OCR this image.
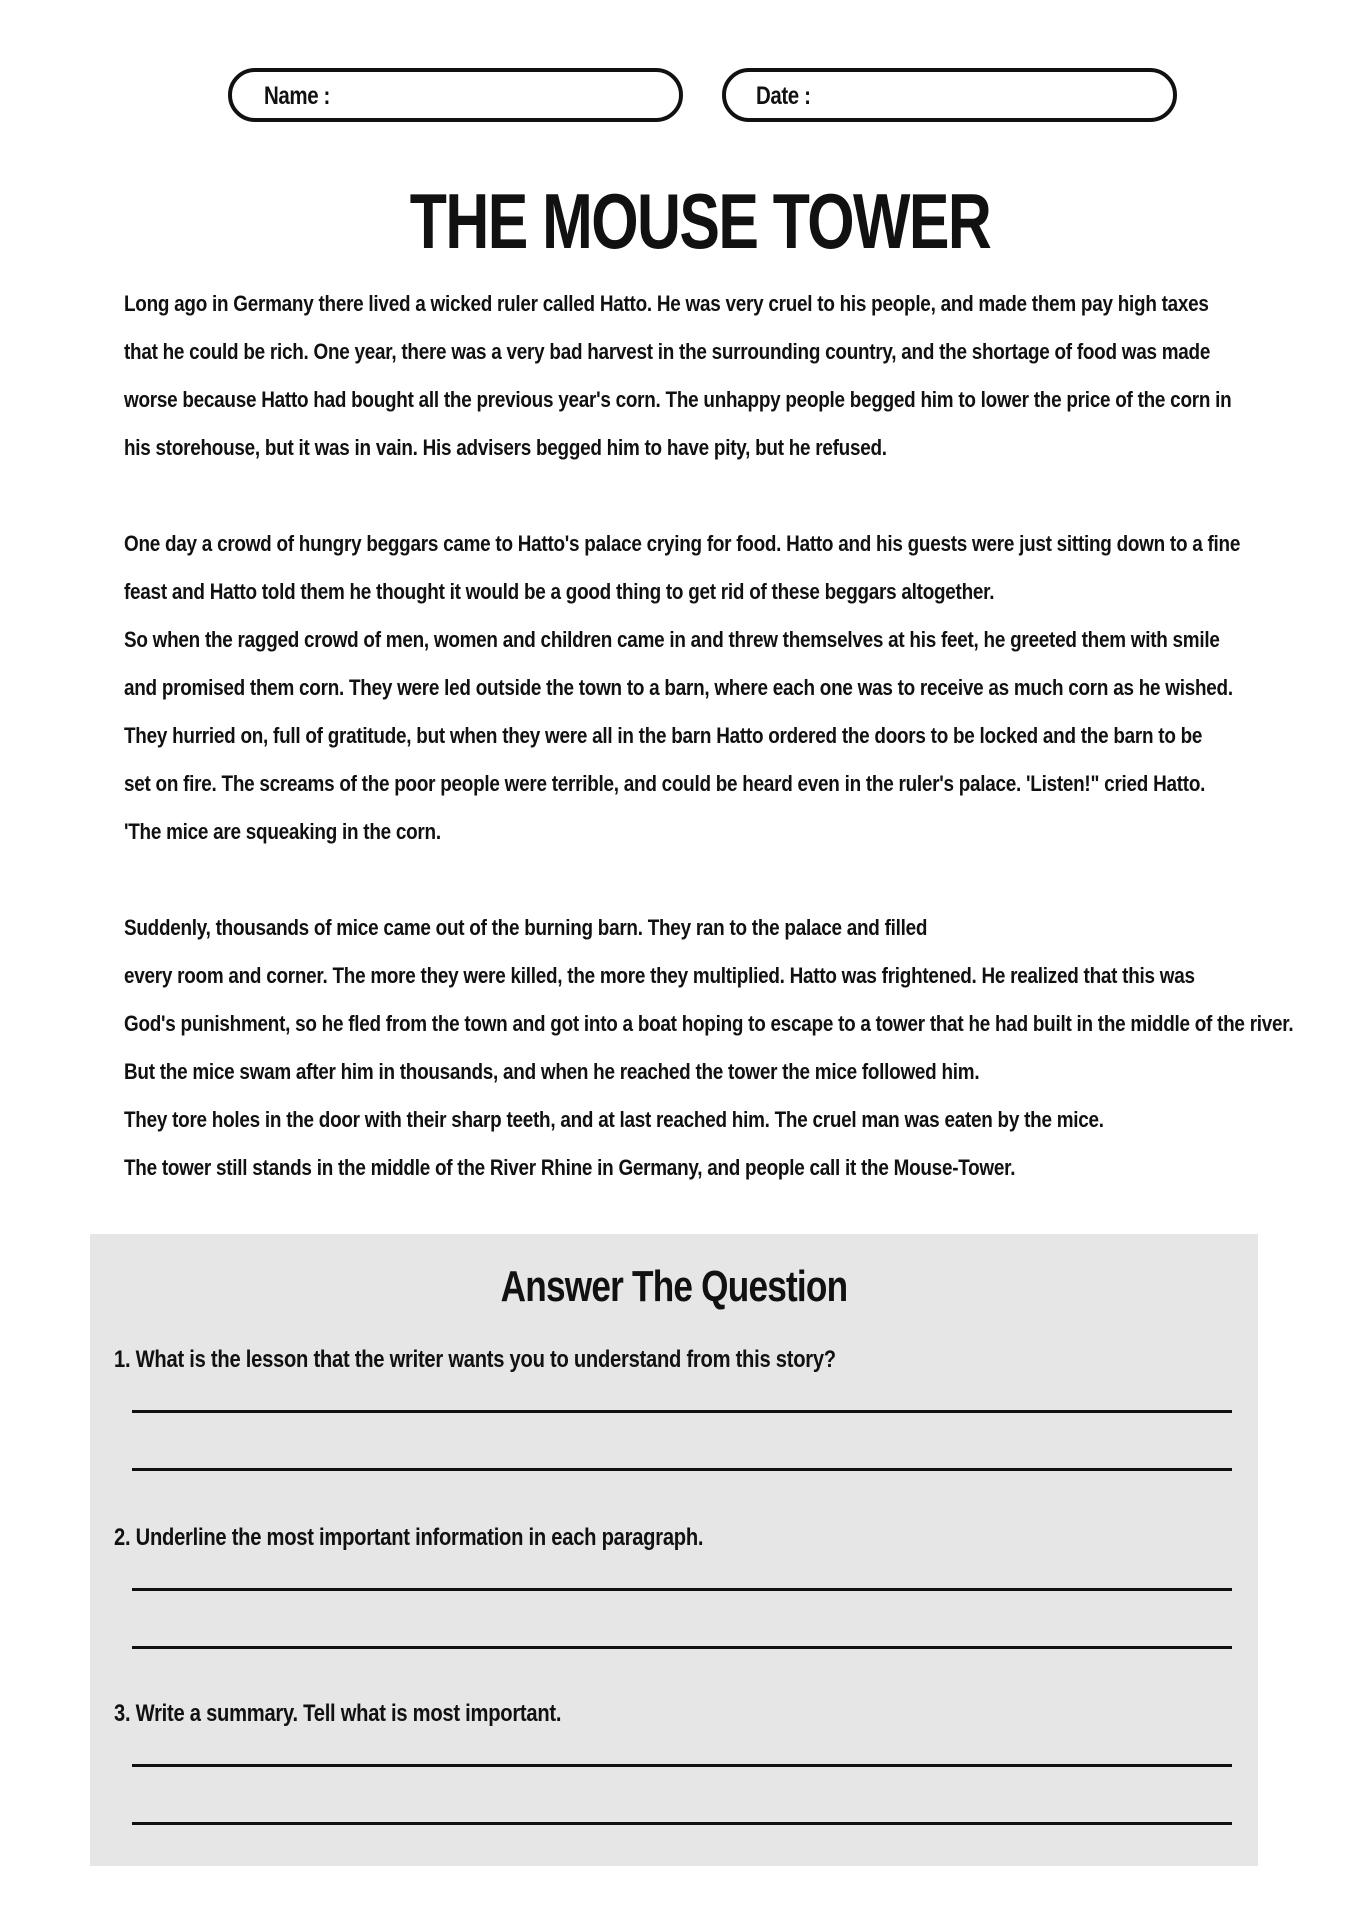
Name :	Date :
THE MOUSE TOWER

Long ago in Germany there lived a wicked ruler called Hatto. He was very cruel to his people, and made them pay high taxes

that he could be rich. One year, there was a very bad harvest in the surrounding country, and the shortage of food was made

worse because Hatto had bought all the previous year's corn. The unhappy people begged him to lower the price of the corn in

his storehouse, but it was in vain. His advisers begged him to have pity, but he refused.

One day a crowd of hungry beggars came to Hatto's palace crying for food. Hatto and his guests were just sitting down to a fine

feast and Hatto told them he thought it would be a good thing to get rid of these beggars altogether.

So when the ragged crowd of men, women and children came in and threw themselves at his feet, he greeted them with smile

and promised them corn. They were led outside the town to a barn, where each one was to receive as much corn as he wished.

They hurried on, full of gratitude, but when they were all in the barn Hatto ordered the doors to be locked and the barn to be

set on fire. The screams of the poor people were terrible, and could be heard even in the ruler's palace. 'Listen!" cried Hatto.

'The mice are squeaking in the corn.

Suddenly, thousands of mice came out of the burning barn. They ran to the palace and filled

every room and corner. The more they were killed, the more they multiplied. Hatto was frightened. He realized that this was

God's punishment, so he fled from the town and got into a boat hoping to escape to a tower that he had built in the middle of the river.

But the mice swam after him in thousands, and when he reached the tower the mice followed him.

They tore holes in the door with their sharp teeth, and at last reached him. The cruel man was eaten by the mice.

The tower still stands in the middle of the River Rhine in Germany, and people call it the Mouse-Tower.

Answer The Question
1. What is the lesson that the writer wants you to understand from this story?
2. Underline the most important information in each paragraph.
3. Write a summary. Tell what is most important.
